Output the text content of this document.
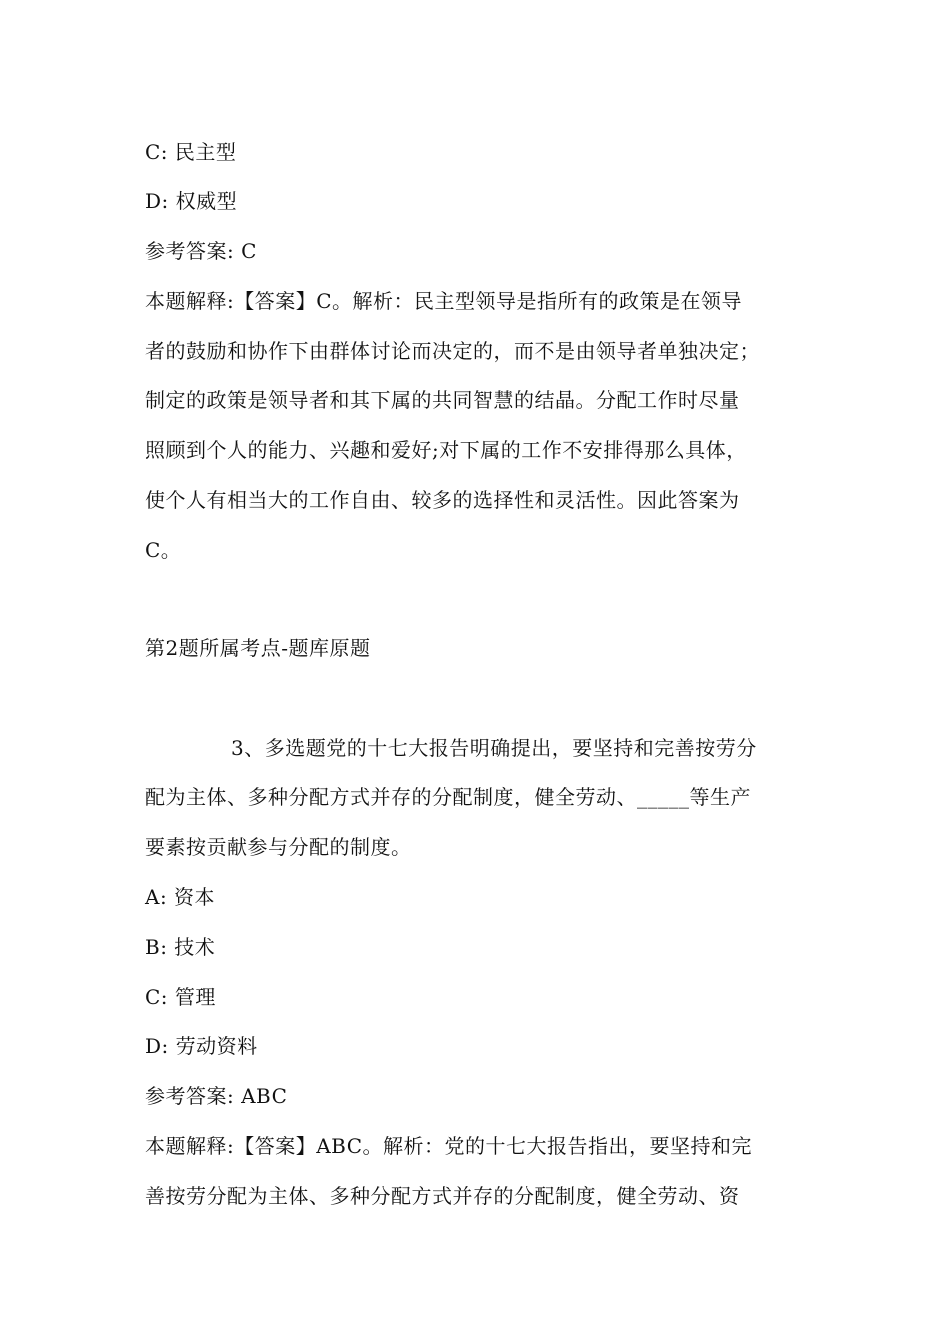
C: 民主型
D: 权威型
参考答案: C
本题解释:【答案】C。解析：民主型领导是指所有的政策是在领导
者的鼓励和协作下由群体讨论而决定的，而不是由领导者单独决定；
制定的政策是领导者和其下属的共同智慧的结晶。分配工作时尽量
照顾到个人的能力、兴趣和爱好;对下属的工作不安排得那么具体，
使个人有相当大的工作自由、较多的选择性和灵活性。因此答案为
C。
第2题所属考点-题库原题
3、多选题党的十七大报告明确提出，要坚持和完善按劳分
配为主体、多种分配方式并存的分配制度，健全劳动、_____等生产
要素按贡献参与分配的制度。
A: 资本
B: 技术
C: 管理
D: 劳动资料
参考答案: ABC
本题解释:【答案】ABC。解析：党的十七大报告指出，要坚持和完
善按劳分配为主体、多种分配方式并存的分配制度，健全劳动、资
